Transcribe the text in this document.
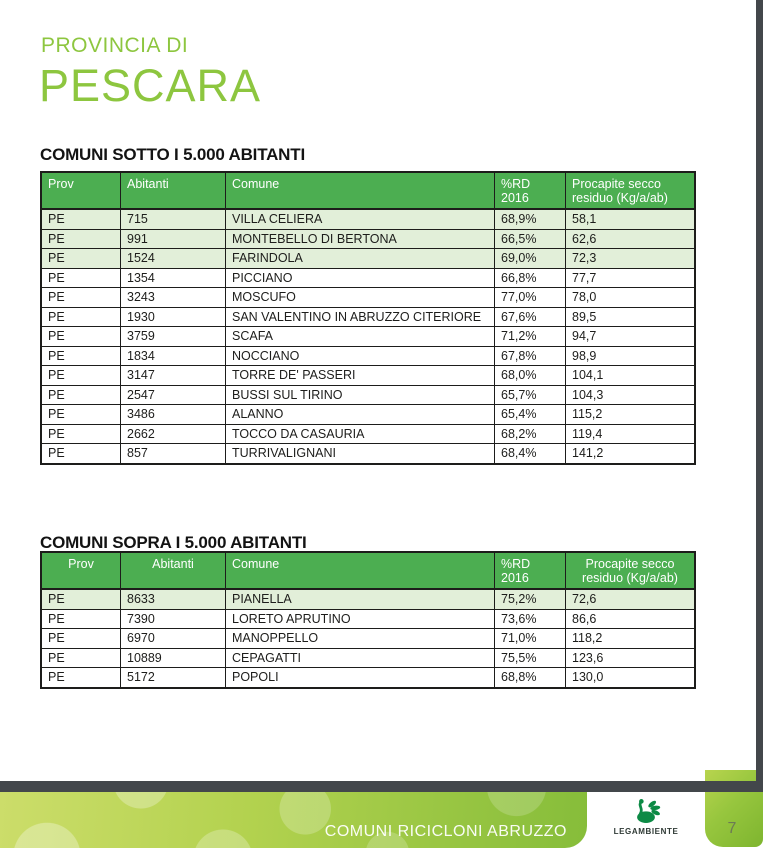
PROVINCIA DI
PESCARA
COMUNI SOTTO I 5.000 ABITANTI
Prov	Abitanti	Comune	%RD 2016	Procapite secco residuo (Kg/a/ab)
PE	715	VILLA CELIERA	68,9%	58,1
PE	991	MONTEBELLO DI BERTONA	66,5%	62,6
PE	1524	FARINDOLA	69,0%	72,3
PE	1354	PICCIANO	66,8%	77,7
PE	3243	MOSCUFO	77,0%	78,0
PE	1930	SAN VALENTINO IN ABRUZZO CITERIORE	67,6%	89,5
PE	3759	SCAFA	71,2%	94,7
PE	1834	NOCCIANO	67,8%	98,9
PE	3147	TORRE DE' PASSERI	68,0%	104,1
PE	2547	BUSSI SUL TIRINO	65,7%	104,3
PE	3486	ALANNO	65,4%	115,2
PE	2662	TOCCO DA CASAURIA	68,2%	119,4
PE	857	TURRIVALIGNANI	68,4%	141,2
COMUNI SOPRA I 5.000 ABITANTI
Prov	Abitanti	Comune	%RD 2016	Procapite secco residuo (Kg/a/ab)
PE	8633	PIANELLA	75,2%	72,6
PE	7390	LORETO APRUTINO	73,6%	86,6
PE	6970	MANOPPELLO	71,0%	118,2
PE	10889	CEPAGATTI	75,5%	123,6
PE	5172	POPOLI	68,8%	130,0
7
COMUNI RICICLONI ABRUZZO	LEGAMBIENTE
